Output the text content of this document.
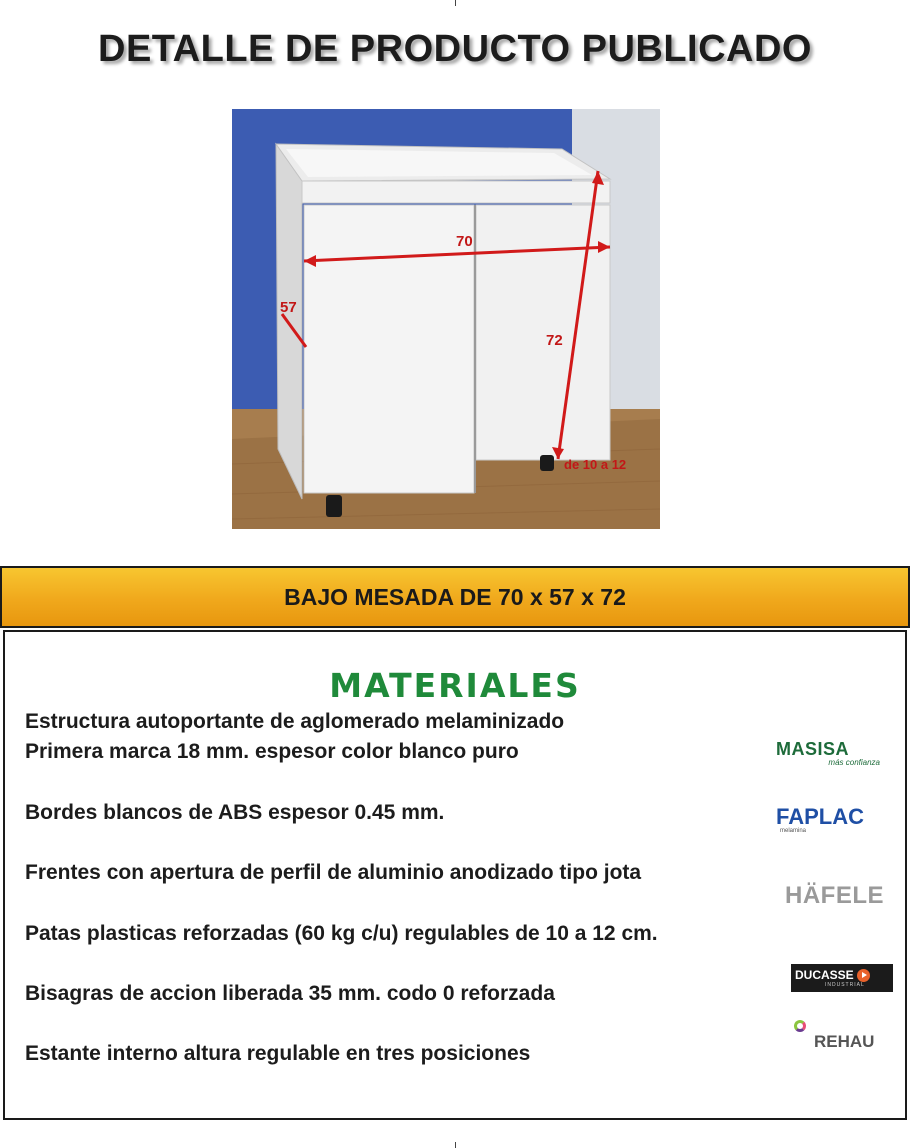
DETALLE DE PRODUCTO PUBLICADO
70
57
72
de 10 a 12
BAJO MESADA DE 70 x 57 x 72
MATERIALES
Estructura autoportante de aglomerado melaminizado
Primera marca 18 mm. espesor color blanco puro
Bordes blancos de ABS espesor 0.45 mm.
Frentes con apertura de perfil de aluminio anodizado tipo jota
Patas plasticas reforzadas (60 kg c/u) regulables de 10 a 12 cm.
Bisagras de accion liberada 35 mm. codo 0 reforzada
Estante interno altura regulable en tres posiciones
MASISA
más confianza
FAPLAC
melamina
HÄFELE
DUCASSE
INDUSTRIAL
REHAU
